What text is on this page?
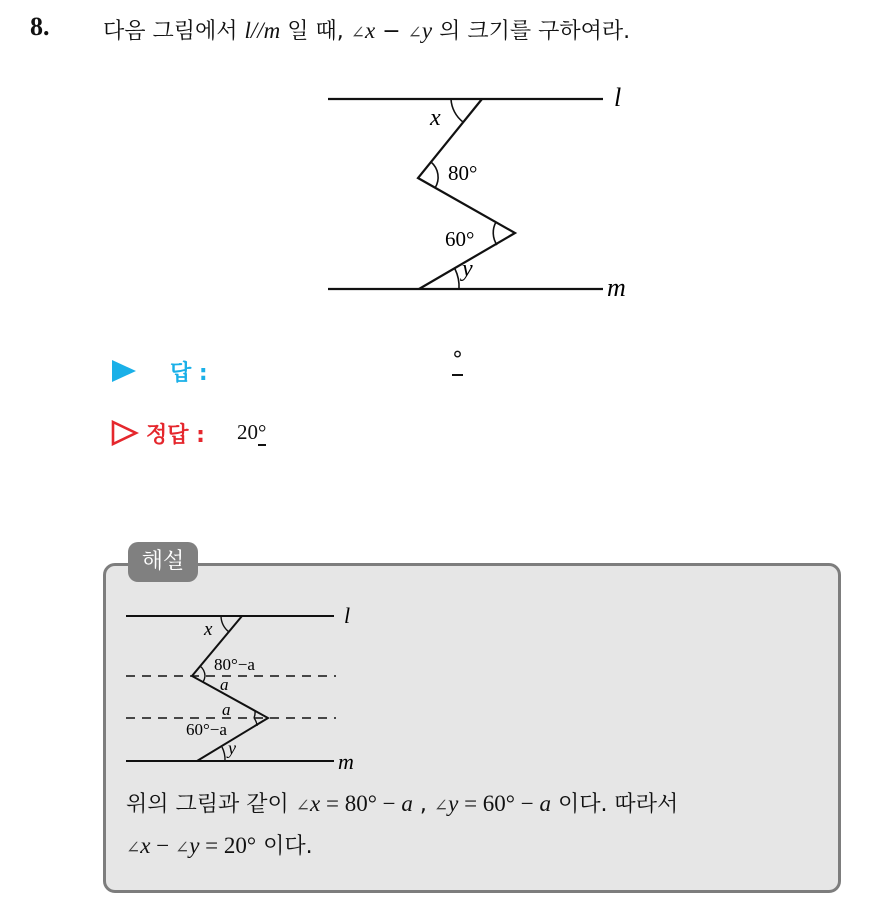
8. 다음 그림에서 l//m 일 때, ∠x − ∠y 의 크기를 구하여라.
l
m
x
80°
60°
y
답 :
°
정답 : 20°
해설
l
m
x
80°−a
a
a
60°−a
y
위의 그림과 같이 ∠x = 80° − a , ∠y = 60° − a 이다. 따라서
∠x − ∠y = 20° 이다.
